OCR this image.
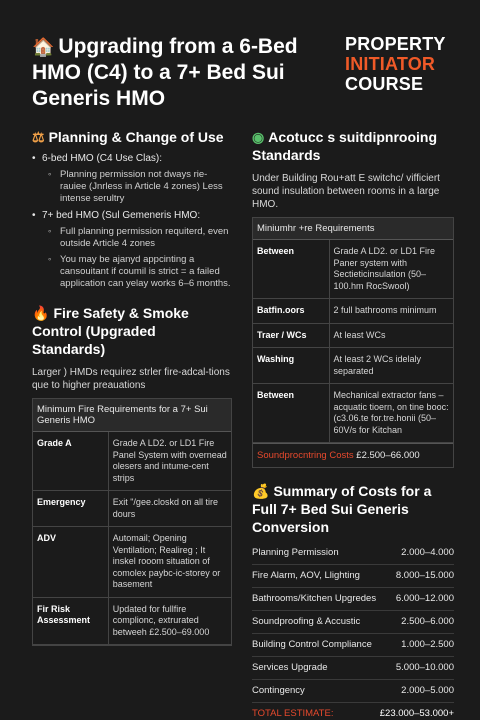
🏠 Upgrading from a 6-Bed HMO (C4) to a 7+ Bed Sui Generis HMO
PROPERTY
INITIATOR
COURSE
⚖ Planning & Change of Use
• 6-bed HMO (C4 Use Clas):
◦ Planning permission not dways rie-rauiee (Jnrless in Article 4 zones) Less intense serultry
• 7+ bed HMO (Sul Gemeneris HMO:
◦ Full planning permission requiterd, even outside Article 4 zones
◦ You may be ajanyd appcinting a cansouitant if coumil is strict = a failed application can yelay works 6–6 months.
🔥 Fire Safety & Smoke Control (Upgraded Standards)
Larger ) HMDs requirez strler fire-adcal-tions que to higher preauations
Minimum Fire Requirements for a 7+ Sui Generis HMO	
Grade A	Grade A LD2. or LD1 Fire Panel System with overnead olesers and intume-cent strips
Emergency	Exit "/gee.closkd on all tire dours
ADV	Automail; Opening Ventilation; Realireg ; It inskel rooom situation of comolex paybc-ic-storey or basement
Fir Risk Assessment	Updated for fullfire complionc, extrurated betweeh £2.500–69.000
◉ Acotucc s suitdipnrooing Standards
Under Building Rou+att E switchc/ vifficiert sound insulation between rooms in a large HMO.
Miniumhr +re Requirements	
Between	Grade A LD2. or LD1 Fire Paner system with Sectieticinsulation (50–100.hm RocSwool)
Batfin.oors	2 full bathrooms minimum
Traer / WCs	At least WCs
Washing	At least 2 WCs idelaly separated
Between	Mechanical extractor fans – acquatic tioern, on tine booc: (c3.06.te for.tre.honii (50–60V/s for Kitchan
Soundprocntring Costs £2.500–66.000
💰 Summary of Costs for a Full 7+ Bed Sui Generis Conversion
Planning Permission	2.000–4.000
Fire Alarm, AOV, Llighting	8.000–15.000
Bathrooms/Kitchen Upgredes 6.000–12.000
Soundproofing & Accustic	2.500–6.000
Building Control Compliance	1.000–2.500
Services Upgrade	5.000–10.000
Contingency	2.000–5.000
TOTAL ESTIMATE:	£23.000–53.000+
